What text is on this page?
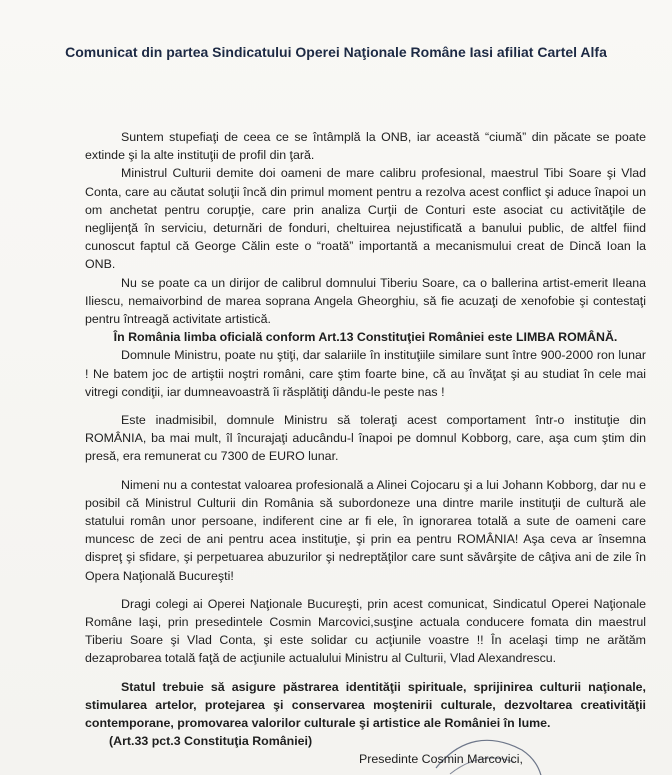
Comunicat din partea Sindicatului Operei Naţionale Române Iasi afiliat Cartel Alfa

Suntem stupefiaţi de ceea ce se întâmplă la ONB, iar această “ciumă” din păcate se poate extinde şi la alte instituţii de profil din ţară.

Ministrul Culturii demite doi oameni de mare calibru profesional, maestrul Tibi Soare şi Vlad Conta, care au căutat soluţii încă din primul moment pentru a rezolva acest conflict şi aduce înapoi un om anchetat pentru corupţie, care prin analiza Curţii de Conturi este asociat cu activităţile de neglijenţă în serviciu, deturnări de fonduri, cheltuirea nejustificată a banului public, de altfel fiind cunoscut faptul că George Călin este o “roată” importantă a mecanismului creat de Dincă Ioan la ONB.

Nu se poate ca un dirijor de calibrul domnului Tiberiu Soare, ca o ballerina artist-emerit Ileana Iliescu, nemaivorbind de marea soprana Angela Gheorghiu, să fie acuzaţi de xenofobie şi contestaţi pentru întreagă activitate artistică.

În România limba oficială conform Art.13 Constituţiei României este LIMBA ROMÂNĂ.

Domnule Ministru, poate nu ştiţi, dar salariile în instituţiile similare sunt între 900-2000 ron lunar ! Ne batem joc de artiştii noştri români, care ştim foarte bine, că au învăţat şi au studiat în cele mai vitregi condiţii, iar dumneavoastră îi răsplătiţi dându-le peste nas !

Este inadmisibil, domnule Ministru să toleraţi acest comportament într-o instituţie din ROMÂNIA, ba mai mult, îl încurajaţi aducându-l înapoi pe domnul Kobborg, care, aşa cum ştim din presă, era remunerat cu 7300 de EURO lunar.

Nimeni nu a contestat valoarea profesională a Alinei Cojocaru şi a lui Johann Kobborg, dar nu e posibil că Ministrul Culturii din România să subordoneze una dintre marile instituţii de cultură ale statului român unor persoane, indiferent cine ar fi ele, în ignorarea totală a sute de oameni care muncesc de zeci de ani pentru acea instituţie, şi prin ea pentru ROMÂNIA! Aşa ceva ar însemna dispreţ şi sfidare, şi perpetuarea abuzurilor şi nedreptăţilor care sunt săvârşite de câţiva ani de zile în Opera Naţională Bucureşti!

Dragi colegi ai Operei Naţionale Bucureşti, prin acest comunicat, Sindicatul Operei Naţionale Române Iaşi, prin presedintele Cosmin Marcovici,susţine actuala conducere fomata din maestrul Tiberiu Soare şi Vlad Conta, şi este solidar cu acţiunile voastre !! În acelaşi timp ne arătăm dezaprobarea totală faţă de acţiunile actualului Ministru al Culturii, Vlad Alexandrescu.

Statul trebuie să asigure păstrarea identităţii spirituale, sprijinirea culturii naţionale, stimularea artelor, protejarea şi conservarea moştenirii culturale, dezvoltarea creativităţii contemporane, promovarea valorilor culturale şi artistice ale României în lume.

(Art.33 pct.3 Constituţia României)

Presedinte Cosmin Marcovici,
